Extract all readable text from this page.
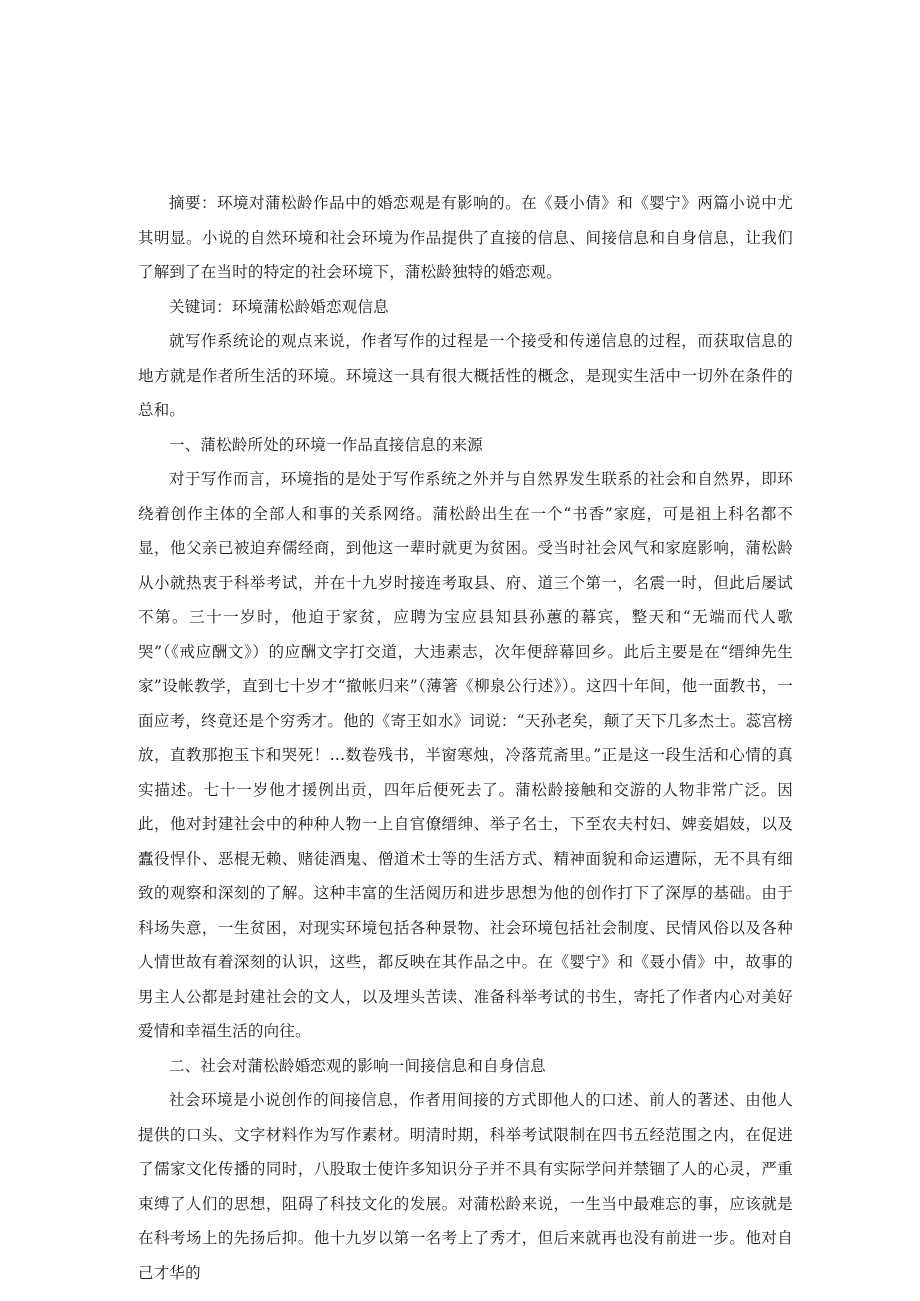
摘要：环境对蒲松龄作品中的婚恋观是有影响的。在《聂小倩》和《婴宁》两篇小说中尤其明显。小说的自然环境和社会环境为作品提供了直接的信息、间接信息和自身信息，让我们了解到了在当时的特定的社会环境下，蒲松龄独特的婚恋观。

关键词：环境蒲松龄婚恋观信息

就写作系统论的观点来说，作者写作的过程是一个接受和传递信息的过程，而获取信息的地方就是作者所生活的环境。环境这一具有很大概括性的概念，是现实生活中一切外在条件的总和。

一、蒲松龄所处的环境一作品直接信息的来源

对于写作而言，环境指的是处于写作系统之外并与自然界发生联系的社会和自然界，即环绕着创作主体的全部人和事的关系网络。蒲松龄出生在一个“书香”家庭，可是祖上科名都不显，他父亲已被迫弃儒经商，到他这一辈时就更为贫困。受当时社会风气和家庭影响，蒲松龄从小就热衷于科举考试，并在十九岁时接连考取县、府、道三个第一，名震一时，但此后屡试不第。三十一岁时，他迫于家贫，应聘为宝应县知县孙蕙的幕宾，整天和“无端而代人歌哭”（《戒应酬文》）的应酬文字打交道，大违素志，次年便辞幕回乡。此后主要是在“缙绅先生家”设帐教学，直到七十岁才“撤帐归来”（薄箸《柳泉公行述》）。这四十年间，他一面教书，一面应考，终竟还是个穷秀才。他的《寄王如水》词说：“天孙老矣，颠了天下几多杰士。蕊宫榜放，直教那抱玉卞和哭死！…数卷残书，半窗寒烛，冷落荒斋里。”正是这一段生活和心情的真实描述。七十一岁他才援例出贡，四年后便死去了。蒲松龄接触和交游的人物非常广泛。因此，他对封建社会中的种种人物一上自官僚缙绅、举子名士，下至农夫村妇、婢妾娼妓，以及蠹役悍仆、恶棍无赖、赌徒酒鬼、僧道术士等的生活方式、精神面貌和命运遭际，无不具有细致的观察和深刻的了解。这种丰富的生活阅历和进步思想为他的创作打下了深厚的基础。由于科场失意，一生贫困，对现实环境包括各种景物、社会环境包括社会制度、民情风俗以及各种人情世故有着深刻的认识，这些，都反映在其作品之中。在《婴宁》和《聂小倩》中，故事的男主人公都是封建社会的文人，以及埋头苦读、准备科举考试的书生，寄托了作者内心对美好爱情和幸福生活的向往。

二、社会对蒲松龄婚恋观的影响一间接信息和自身信息

社会环境是小说创作的间接信息，作者用间接的方式即他人的口述、前人的著述、由他人提供的口头、文字材料作为写作素材。明清时期，科举考试限制在四书五经范围之内，在促进了儒家文化传播的同时，八股取士使许多知识分子并不具有实际学问并禁锢了人的心灵，严重束缚了人们的思想，阻碍了科技文化的发展。对蒲松龄来说，一生当中最难忘的事，应该就是在科考场上的先扬后抑。他十九岁以第一名考上了秀才，但后来就再也没有前进一步。他对自己才华的
